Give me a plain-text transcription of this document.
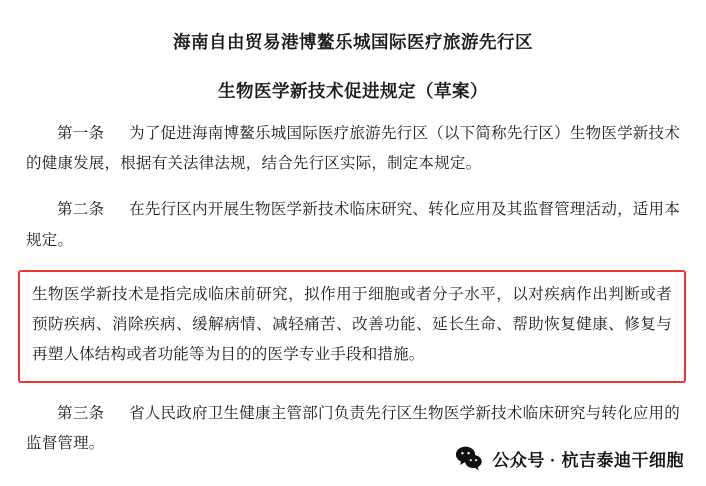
海南自由贸易港博鳌乐城国际医疗旅游先行区
生物医学新技术促进规定（草案）

第一条 为了促进海南博鳌乐城国际医疗旅游先行区（以下简称先行区）生物医学新技术的健康发展，根据有关法律法规，结合先行区实际，制定本规定。

第二条 在先行区内开展生物医学新技术临床研究、转化应用及其监督管理活动，适用本规定。

生物医学新技术是指完成临床前研究，拟作用于细胞或者分子水平，以对疾病作出判断或者预防疾病、消除疾病、缓解病情、减轻痛苦、改善功能、延长生命、帮助恢复健康、修复与再塑人体结构或者功能等为目的的医学专业手段和措施。

第三条 省人民政府卫生健康主管部门负责先行区生物医学新技术临床研究与转化应用的监督管理。

公众号 · 杭吉泰迪干细胞
